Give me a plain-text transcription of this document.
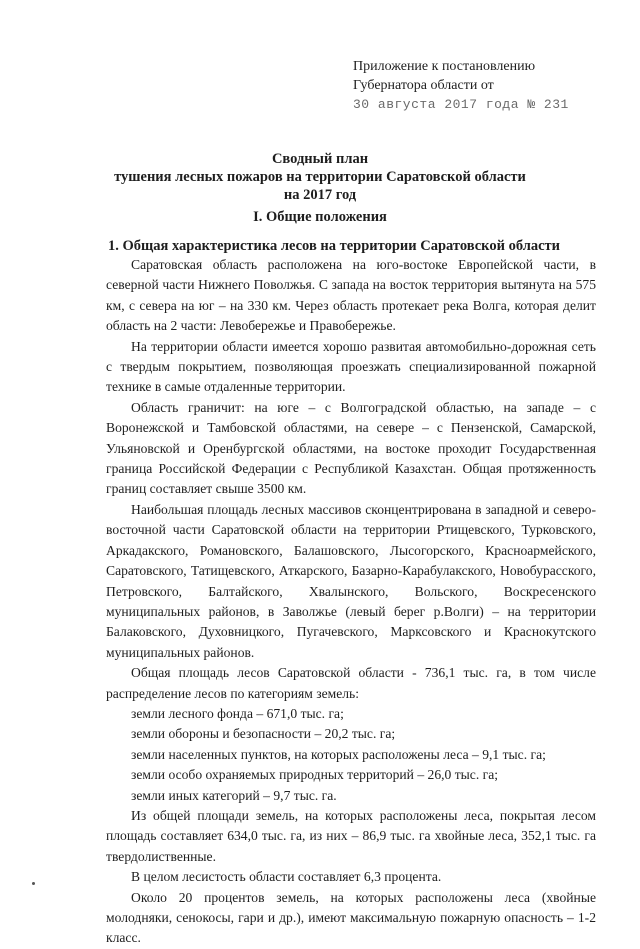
Приложение к постановлению
Губернатора области от
30 августа 2017 года № 231
Сводный план
тушения лесных пожаров на территории Саратовской области
на 2017 год
I. Общие положения
1. Общая характеристика лесов на территории Саратовской области

Саратовская область расположена на юго-востоке Европейской части, в северной части Нижнего Поволжья. С запада на восток территория вытянута на 575 км, с севера на юг – на 330 км. Через область протекает река Волга, которая делит область на 2 части: Левобережье и Правобережье.

На территории области имеется хорошо развитая автомобильно-дорожная сеть с твердым покрытием, позволяющая проезжать специализированной пожарной технике в самые отдаленные территории.

Область граничит: на юге – с Волгоградской областью, на западе – с Воронежской и Тамбовской областями, на севере – с Пензенской, Самарской, Ульяновской и Оренбургской областями, на востоке проходит Государственная граница Российской Федерации с Республикой Казахстан. Общая протяженность границ составляет свыше 3500 км.

Наибольшая площадь лесных массивов сконцентрирована в западной и северо-восточной части Саратовской области на территории Ртищевского, Турковского, Аркадакского, Романовского, Балашовского, Лысогорского, Красноармейского, Саратовского, Татищевского, Аткарского, Базарно-Карабулакского, Новобурасского, Петровского, Балтайского, Хвалынского, Вольского, Воскресенского муниципальных районов, в Заволжье (левый берег р.Волги) – на территории Балаковского, Духовницкого, Пугачевского, Марксовского и Краснокутского муниципальных районов.

Общая площадь лесов Саратовской области - 736,1 тыс. га, в том числе распределение лесов по категориям земель:

земли лесного фонда – 671,0 тыс. га;

земли обороны и безопасности – 20,2 тыс. га;

земли населенных пунктов, на которых расположены леса – 9,1 тыс. га;

земли особо охраняемых природных территорий – 26,0 тыс. га;

земли иных категорий – 9,7 тыс. га.

Из общей площади земель, на которых расположены леса, покрытая лесом площадь составляет 634,0 тыс. га, из них – 86,9 тыс. га хвойные леса, 352,1 тыс. га твердолиственные.

В целом лесистость области составляет 6,3 процента.

Около 20 процентов земель, на которых расположены леса (хвойные молодняки, сенокосы, гари и др.), имеют максимальную пожарную опасность – 1-2 класс.
